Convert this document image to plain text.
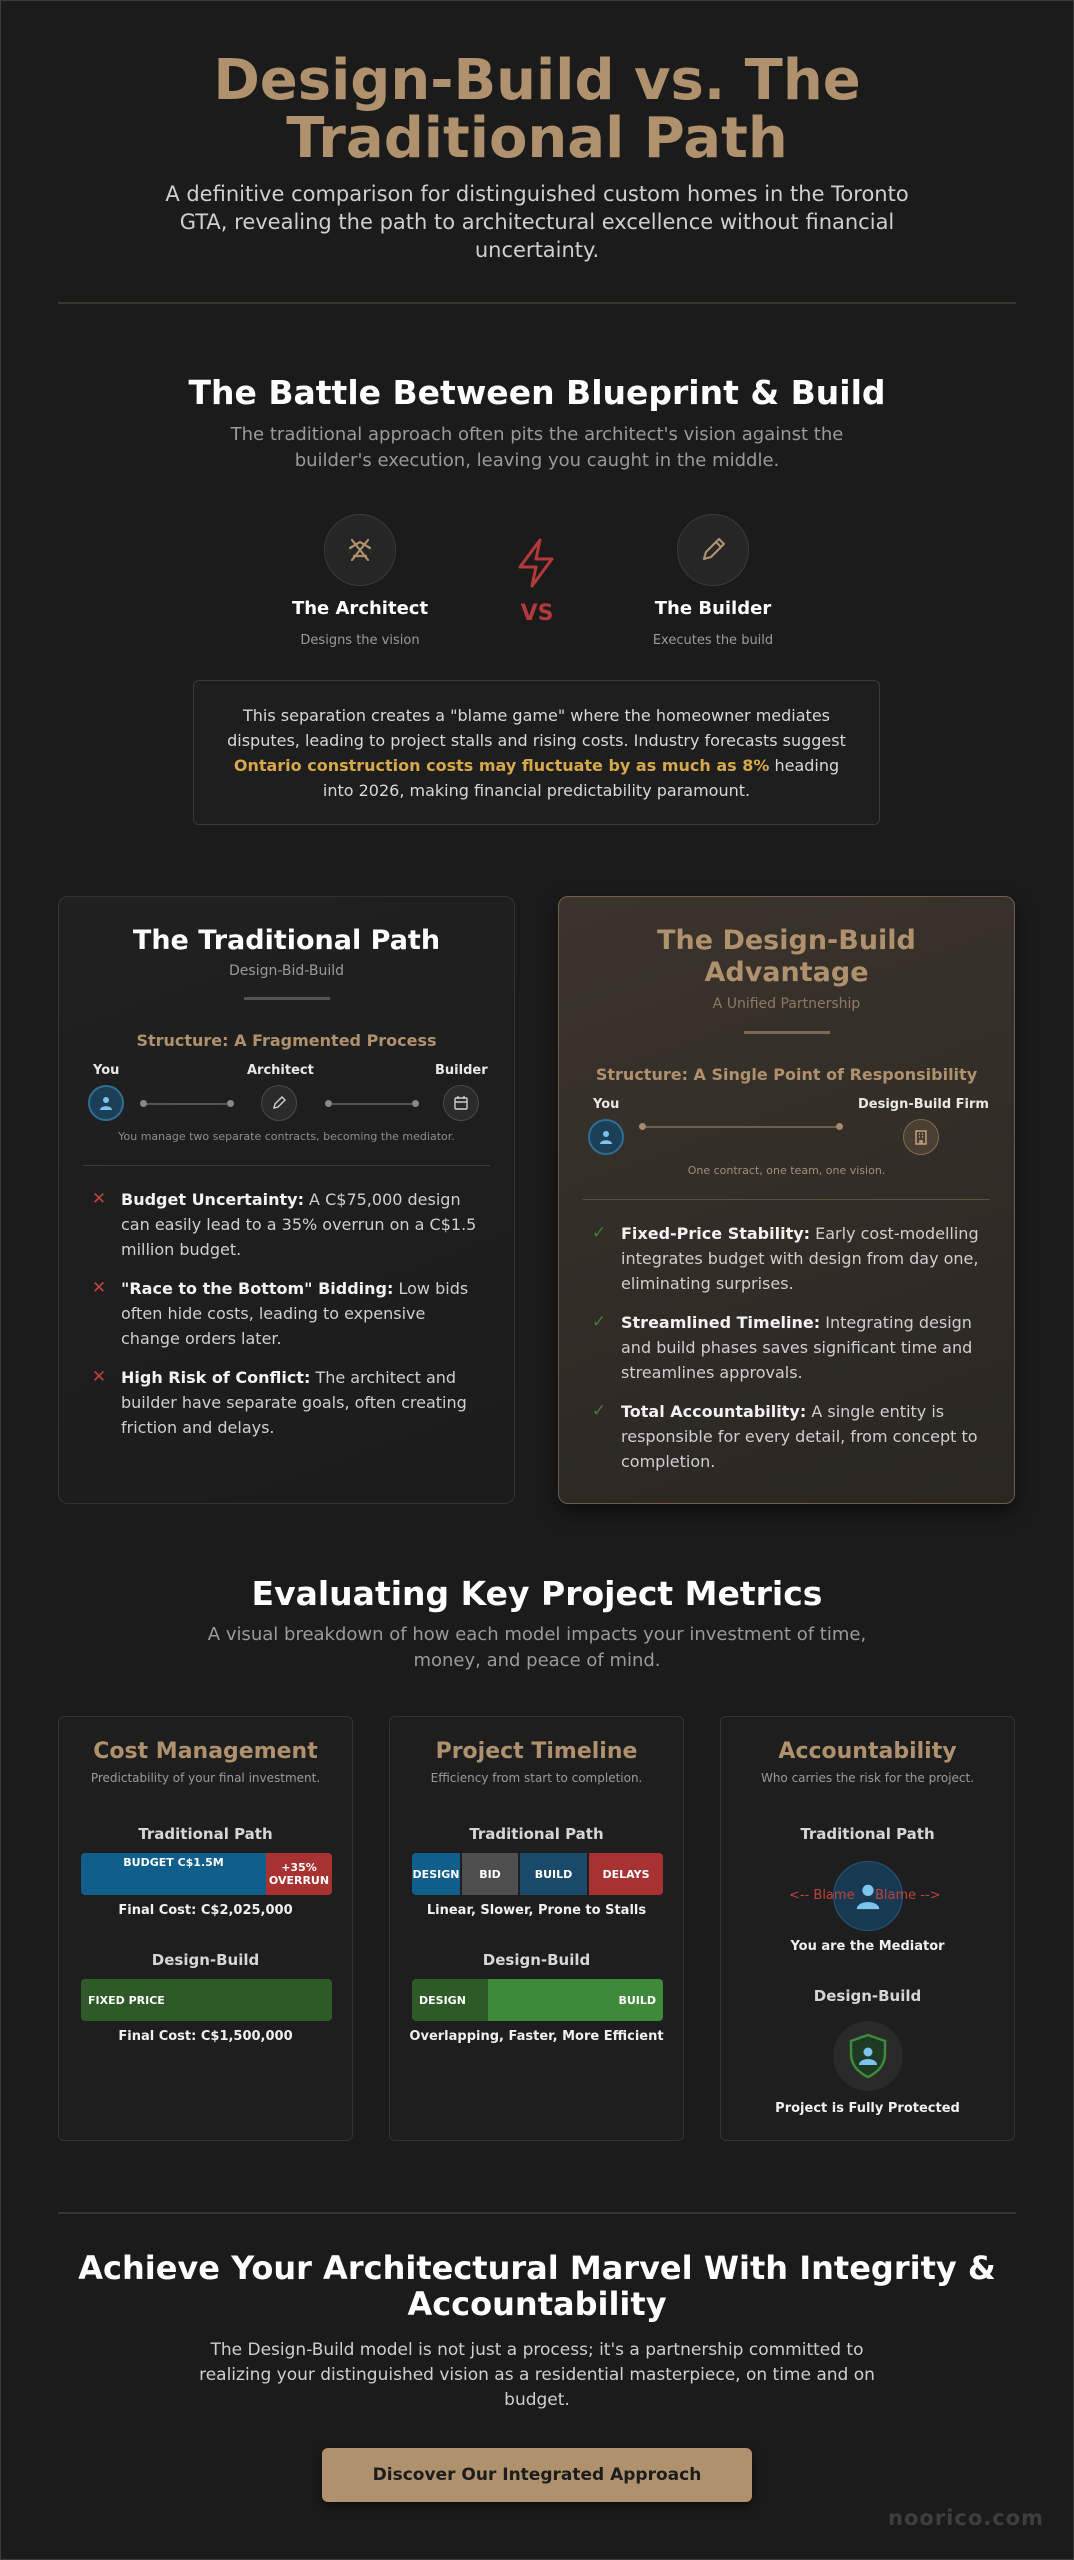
Design-Build vs. The Traditional Path

A definitive comparison for distinguished custom homes in the Toronto GTA, revealing the path to architectural excellence without financial uncertainty.

The Battle Between Blueprint & Build

The traditional approach often pits the architect's vision against the builder's execution, leaving you caught in the middle.

The Architect
Designs the vision
VS	The Builder
Executes the build
This separation creates a "blame game" where the homeowner mediates disputes, leading to project stalls and rising costs. Industry forecasts suggest Ontario construction costs may fluctuate by as much as 8% heading into 2026, making financial predictability paramount.
The Traditional Path
Design-Bid-Build
Structure: A Fragmented Process
You	Architect	Builder
You manage two separate contracts, becoming the mediator.
✕ Budget Uncertainty: A C$75,000 design can easily lead to a 35% overrun on a C$1.5 million budget.
✕ "Race to the Bottom" Bidding: Low bids often hide costs, leading to expensive change orders later.
✕ High Risk of Conflict: The architect and builder have separate goals, often creating friction and delays.
The Design-Build Advantage
A Unified Partnership
Structure: A Single Point of Responsibility
You	Design-Build Firm
One contract, one team, one vision.
✓ Fixed-Price Stability: Early cost-modelling integrates budget with design from day one, eliminating surprises.
✓ Streamlined Timeline: Integrating design and build phases saves significant time and streamlines approvals.
✓ Total Accountability: A single entity is responsible for every detail, from concept to completion.
Evaluating Key Project Metrics

A visual breakdown of how each model impacts your investment of time, money, and peace of mind.

Cost Management
Predictability of your final investment.
Traditional Path
BUDGET C$1.5M	+35%
OVERRUN
Final Cost: C$2,025,000
Design-Build
FIXED PRICE
Final Cost: C$1,500,000
Project Timeline
Efficiency from start to completion.
Traditional Path
DESIGN	BID	BUILD	DELAYS
Linear, Slower, Prone to Stalls
Design-Build
DESIGN	BUILD
Overlapping, Faster, More Efficient
Accountability
Who carries the risk for the project.
Traditional Path
<-- Blame Blame -->
You are the Mediator
Design-Build
Project is Fully Protected
Achieve Your Architectural Marvel With Integrity & Accountability

The Design-Build model is not just a process; it's a partnership committed to realizing your distinguished vision as a residential masterpiece, on time and on budget.

Discover Our Integrated Approach
noorico.com
